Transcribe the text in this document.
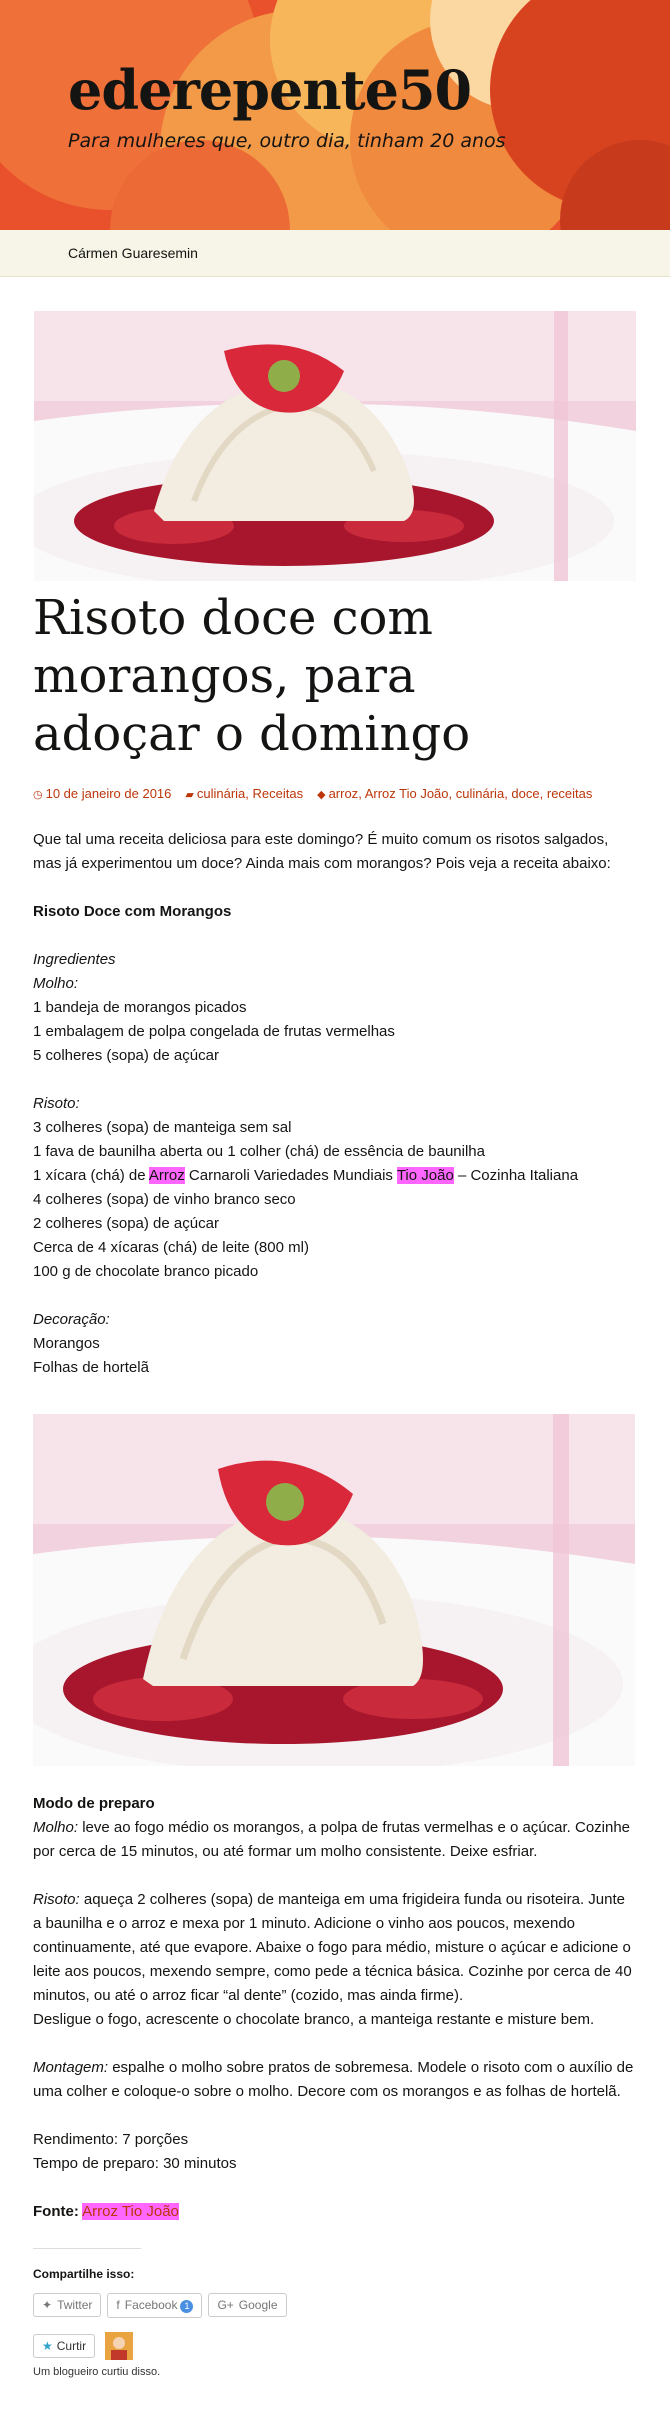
ederepente50

Para mulheres que, outro dia, tinham 20 anos

Cármen Guaresemin
Risoto doce com morangos, para adoçar o domingo
◷ 10 de janeiro de 2016 ▰ culinária, Receitas ◆ arroz, Arroz Tio João, culinária, doce, receitas

Que tal uma receita deliciosa para este domingo? É muito comum os risotos salgados, mas já experimentou um doce? Ainda mais com morangos? Pois veja a receita abaixo:

Risoto Doce com Morangos

Ingredientes

Molho:

1 bandeja de morangos picados

1 embalagem de polpa congelada de frutas vermelhas

5 colheres (sopa) de açúcar

Risoto:

3 colheres (sopa) de manteiga sem sal

1 fava de baunilha aberta ou 1 colher (chá) de essência de baunilha

1 xícara (chá) de Arroz Carnaroli Variedades Mundiais Tio João – Cozinha Italiana

4 colheres (sopa) de vinho branco seco

2 colheres (sopa) de açúcar

Cerca de 4 xícaras (chá) de leite (800 ml)

100 g de chocolate branco picado

Decoração:

Morangos

Folhas de hortelã

Modo de preparo

Molho: leve ao fogo médio os morangos, a polpa de frutas vermelhas e o açúcar. Cozinhe por cerca de 15 minutos, ou até formar um molho consistente. Deixe esfriar.

Risoto: aqueça 2 colheres (sopa) de manteiga em uma frigideira funda ou risoteira. Junte a baunilha e o arroz e mexa por 1 minuto. Adicione o vinho aos poucos, mexendo continuamente, até que evapore. Abaixe o fogo para médio, misture o açúcar e adicione o leite aos poucos, mexendo sempre, como pede a técnica básica. Cozinhe por cerca de 40 minutos, ou até o arroz ficar “al dente” (cozido, mas ainda firme).

Desligue o fogo, acrescente o chocolate branco, a manteiga restante e misture bem.

Montagem: espalhe o molho sobre pratos de sobremesa. Modele o risoto com o auxílio de uma colher e coloque-o sobre o molho. Decore com os morangos e as folhas de hortelã.

Rendimento: 7 porções

Tempo de preparo: 30 minutos

Fonte: Arroz Tio João

Compartilhe isso:
✦ Twitter f Facebook 1 G+ Google
★ Curtir
Um blogueiro curtiu disso.
